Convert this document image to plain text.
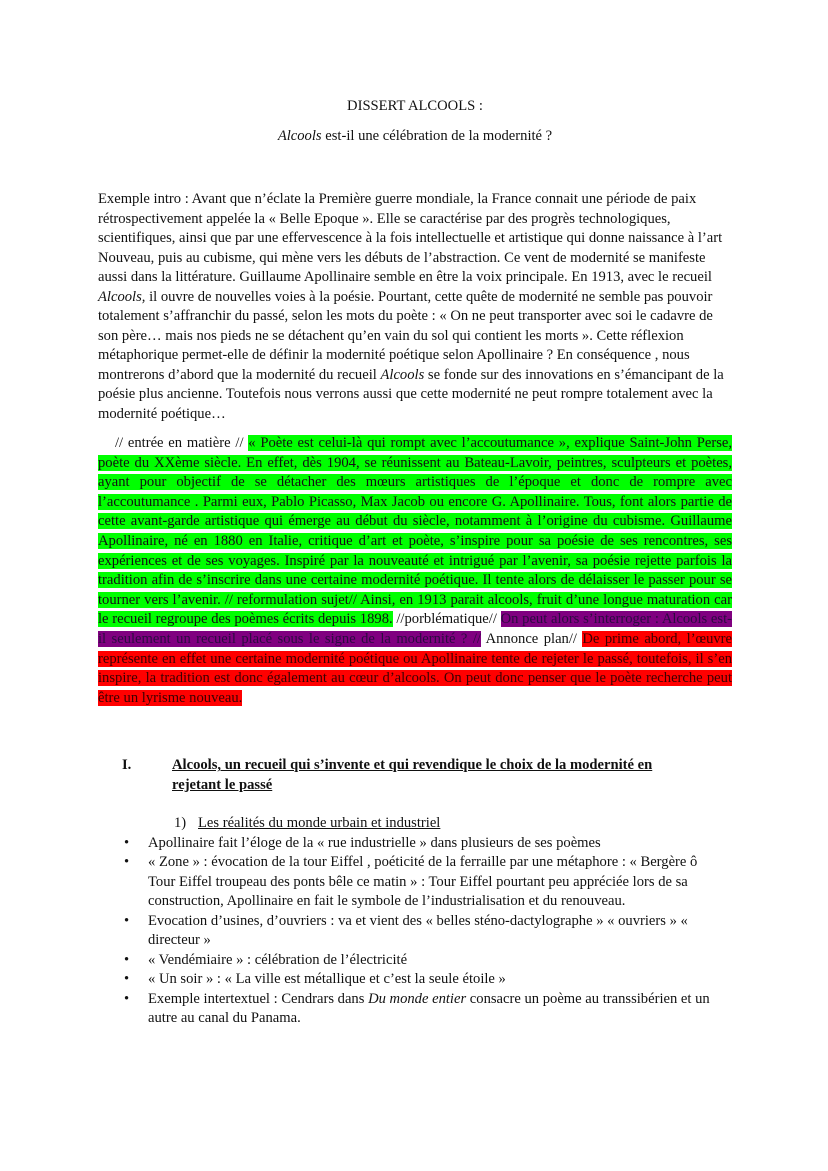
DISSERT ALCOOLS :

Alcools est-il une célébration de la modernité ?

Exemple intro : Avant que n’éclate la Première guerre mondiale, la France connait une période de paix rétrospectivement appelée la « Belle Epoque ». Elle se caractérise par des progrès technologiques, scientifiques, ainsi que par une effervescence à la fois intellectuelle et artistique qui donne naissance à l’art Nouveau, puis au cubisme, qui mène vers les débuts de l’abstraction. Ce vent de modernité se manifeste aussi dans la littérature. Guillaume Apollinaire semble en être la voix principale. En 1913, avec le recueil Alcools, il ouvre de nouvelles voies à la poésie. Pourtant, cette quête de modernité ne semble pas pouvoir totalement s’affranchir du passé, selon les mots du poète : « On ne peut transporter avec soi le cadavre de son père… mais nos pieds ne se détachent qu’en vain du sol qui contient les morts ». Cette réflexion métaphorique permet-elle de définir la modernité poétique selon Apollinaire ? En conséquence , nous montrerons d’abord que la modernité du recueil Alcools se fonde sur des innovations en s’émancipant de la poésie plus ancienne. Toutefois nous verrons aussi que cette modernité ne peut rompre totalement avec la modernité poétique…

// entrée en matière // « Poète est celui-là qui rompt avec l’accoutumance », explique Saint-John Perse, poète du XXème siècle. En effet, dès 1904, se réunissent au Bateau-Lavoir, peintres, sculpteurs et poètes, ayant pour objectif de se détacher des mœurs artistiques de l’époque et donc de rompre avec l’accoutumance . Parmi eux, Pablo Picasso, Max Jacob ou encore G. Apollinaire. Tous, font alors partie de cette avant-garde artistique qui émerge au début du siècle, notamment à l’origine du cubisme. Guillaume Apollinaire, né en 1880 en Italie, critique d’art et poète, s’inspire pour sa poésie de ses rencontres, ses expériences et de ses voyages. Inspiré par la nouveauté et intrigué par l’avenir, sa poésie rejette parfois la tradition afin de s’inscrire dans une certaine modernité poétique. Il tente alors de délaisser le passer pour se tourner vers l’avenir. // reformulation sujet// Ainsi, en 1913 parait alcools, fruit d’une longue maturation car le recueil regroupe des poèmes écrits depuis 1898. //porblématique// On peut alors s’interroger : Alcools est-il seulement un recueil placé sous le signe de la modernité ? // Annonce plan// De prime abord, l’œuvre représente en effet une certaine modernité poétique ou Apollinaire tente de rejeter le passé, toutefois, il s’en inspire, la tradition est donc également au cœur d’alcools. On peut donc penser que le poète recherche peut être un lyrisme nouveau.

I.	Alcools, un recueil qui s’invente et qui revendique le choix de la modernité en rejetant le passé
1) Les réalités du monde urbain et industriel
• Apollinaire fait l’éloge de la « rue industrielle » dans plusieurs de ses poèmes
• « Zone » : évocation de la tour Eiffel , poéticité de la ferraille par une métaphore : « Bergère ô Tour Eiffel troupeau des ponts bêle ce matin » : Tour Eiffel pourtant peu appréciée lors de sa construction, Apollinaire en fait le symbole de l’industrialisation et du renouveau.
• Evocation d’usines, d’ouvriers : va et vient des « belles sténo-dactylographe » « ouvriers » « directeur »
• « Vendémiaire » : célébration de l’électricité
• « Un soir » : « La ville est métallique et c’est la seule étoile »
• Exemple intertextuel : Cendrars dans Du monde entier consacre un poème au transsibérien et un autre au canal du Panama.
